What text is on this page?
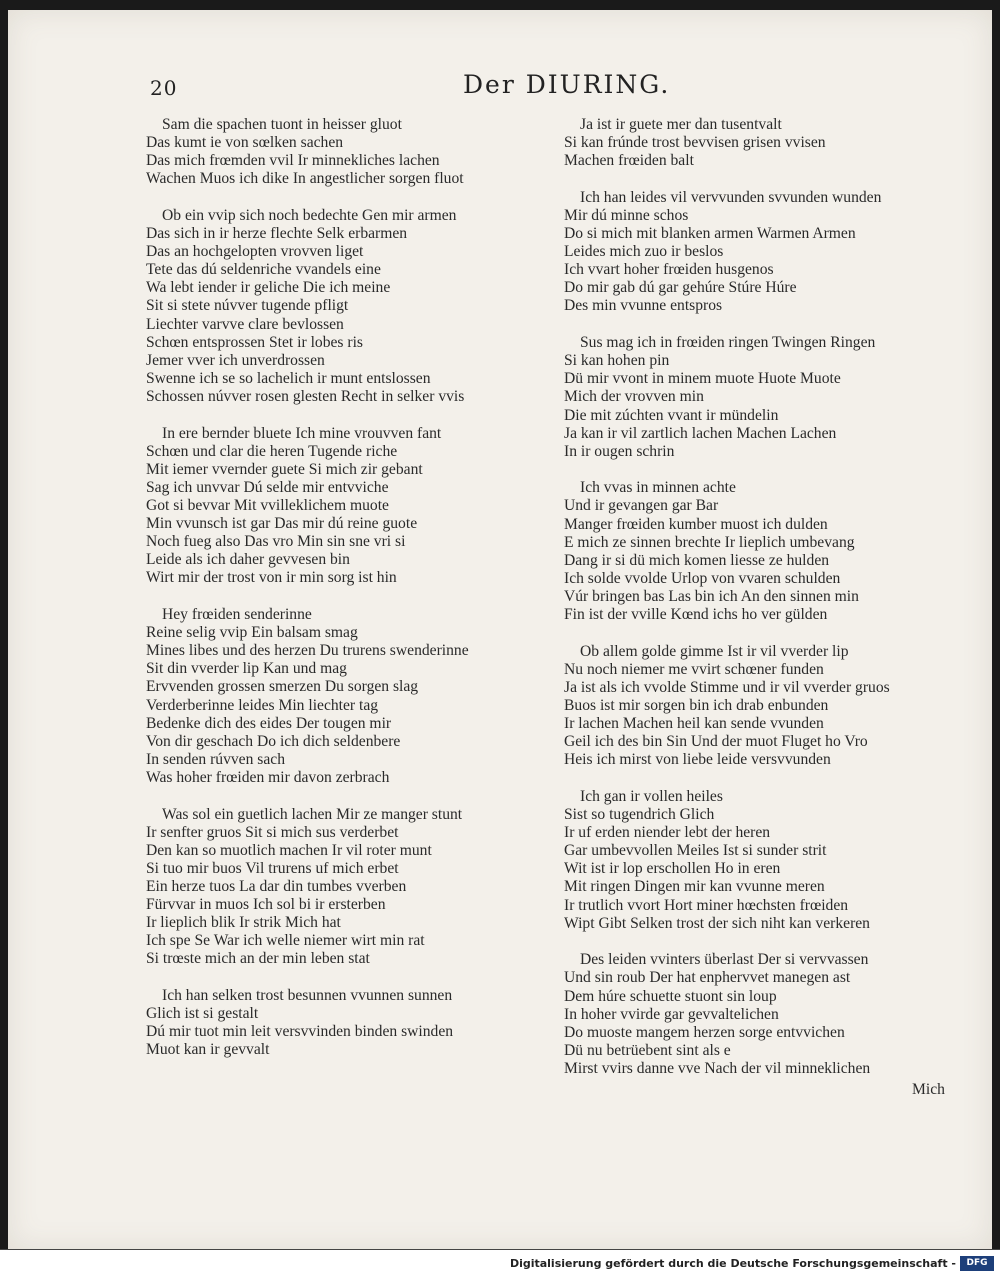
20	Der DIURING.
Sam die spachen tuont in heisser gluot
Das kumt ie von sœlken sachen
Das mich frœmden vvil Ir minnekliches lachen
Wachen Muos ich dike In angestlicher sorgen fluot
Ob ein vvip sich noch bedechte Gen mir armen
Das sich in ir herze flechte Selk erbarmen
Das an hochgelopten vrovven liget
Tete das dú seldenriche vvandels eine
Wa lebt iender ir geliche Die ich meine
Sit si stete núvver tugende pfligt
Liechter varvve clare bevlossen
Schœn entsprossen Stet ir lobes ris
Jemer vver ich unverdrossen
Swenne ich se so lachelich ir munt entslossen
Schossen núvver rosen glesten Recht in selker vvis
In ere bernder bluete Ich mine vrouvven fant
Schœn und clar die heren Tugende riche
Mit iemer vvernder guete Si mich zir gebant
Sag ich unvvar Dú selde mir entvviche
Got si bevvar Mit vvilleklichem muote
Min vvunsch ist gar Das mir dú reine guote
Noch fueg also Das vro Min sin sne vri si
Leide als ich daher gevvesen bin
Wirt mir der trost von ir min sorg ist hin
Hey frœiden senderinne
Reine selig vvip Ein balsam smag
Mines libes und des herzen Du trurens swenderinne
Sit din vverder lip Kan und mag
Ervvenden grossen smerzen Du sorgen slag
Verderberinne leides Min liechter tag
Bedenke dich des eides Der tougen mir
Von dir geschach Do ich dich seldenbere
In senden rúvven sach
Was hoher frœiden mir davon zerbrach
Was sol ein guetlich lachen Mir ze manger stunt
Ir senfter gruos Sit si mich sus verderbet
Den kan so muotlich machen Ir vil roter munt
Si tuo mir buos Vil trurens uf mich erbet
Ein herze tuos La dar din tumbes vverben
Fürvvar in muos Ich sol bi ir ersterben
Ir lieplich blik Ir strik Mich hat
Ich spe Se War ich welle niemer wirt min rat
Si trœste mich an der min leben stat
Ich han selken trost besunnen vvunnen sunnen
Glich ist si gestalt
Dú mir tuot min leit versvvinden binden swinden
Muot kan ir gevvalt
Ja ist ir guete mer dan tusentvalt
Si kan frúnde trost bevvisen grisen vvisen
Machen frœiden balt
Ich han leides vil vervvunden svvunden wunden
Mir dú minne schos
Do si mich mit blanken armen Warmen Armen
Leides mich zuo ir beslos
Ich vvart hoher frœiden husgenos
Do mir gab dú gar gehúre Stúre Húre
Des min vvunne entspros
Sus mag ich in frœiden ringen Twingen Ringen
Si kan hohen pin
Dü mir vvont in minem muote Huote Muote
Mich der vrovven min
Die mit zúchten vvant ir mündelin
Ja kan ir vil zartlich lachen Machen Lachen
In ir ougen schrin
Ich vvas in minnen achte
Und ir gevangen gar Bar
Manger frœiden kumber muost ich dulden
E mich ze sinnen brechte Ir lieplich umbevang
Dang ir si dü mich komen liesse ze hulden
Ich solde vvolde Urlop von vvaren schulden
Vúr bringen bas Las bin ich An den sinnen min
Fin ist der vville Kœnd ichs ho ver gülden
Ob allem golde gimme Ist ir vil vverder lip
Nu noch niemer me vvirt schœner funden
Ja ist als ich vvolde Stimme und ir vil vverder gruos
Buos ist mir sorgen bin ich drab enbunden
Ir lachen Machen heil kan sende vvunden
Geil ich des bin Sin Und der muot Fluget ho Vro
Heis ich mirst von liebe leide versvvunden
Ich gan ir vollen heiles
Sist so tugendrich Glich
Ir uf erden niender lebt der heren
Gar umbevvollen Meiles Ist si sunder strit
Wit ist ir lop erschollen Ho in eren
Mit ringen Dingen mir kan vvunne meren
Ir trutlich vvort Hort miner hœchsten frœiden
Wipt Gibt Selken trost der sich niht kan verkeren
Des leiden vvinters überlast Der si vervvassen
Und sin roub Der hat enphervvet manegen ast
Dem húre schuette stuont sin loup
In hoher vvirde gar gevvaltelichen
Do muoste mangem herzen sorge entvvichen
Dü nu betrüebent sint als e
Mirst vvirs danne vve Nach der vil minneklichen
Mich
Digitalisierung gefördert durch die Deutsche Forschungsgemeinschaft -	DFG
